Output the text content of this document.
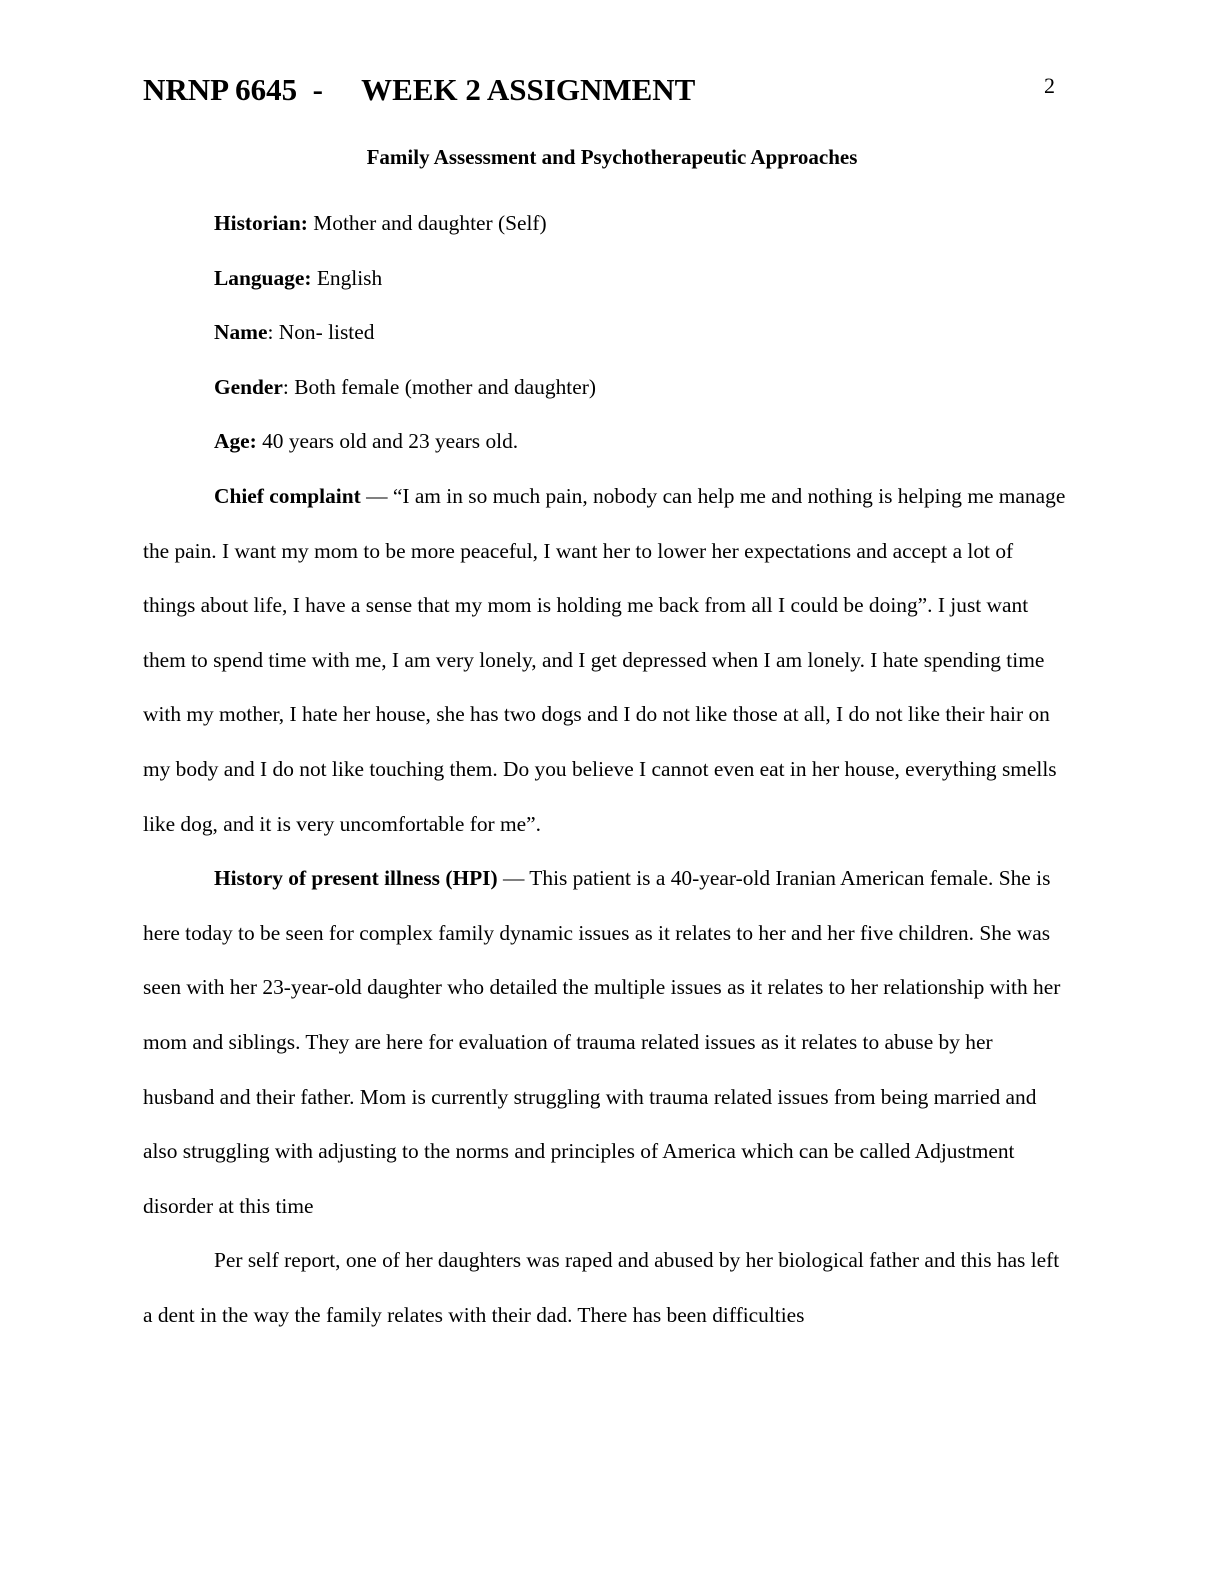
NRNP 6645  -     WEEK 2 ASSIGNMENT	2
Family Assessment and Psychotherapeutic Approaches
Historian: Mother and daughter (Self)
Language: English
Name: Non- listed
Gender: Both female (mother and daughter)
Age: 40 years old and 23 years old.

Chief complaint — “I am in so much pain, nobody can help me and nothing is helping me manage the pain. I want my mom to be more peaceful, I want her to lower her expectations and accept a lot of things about life, I have a sense that my mom is holding me back from all I could be doing”. I just want them to spend time with me, I am very lonely, and I get depressed when I am lonely. I hate spending time with my mother, I hate her house, she has two dogs and I do not like those at all, I do not like their hair on my body and I do not like touching them. Do you believe I cannot even eat in her house, everything smells like dog, and it is very uncomfortable for me”.

History of present illness (HPI) — This patient is a 40-year-old Iranian American female. She is here today to be seen for complex family dynamic issues as it relates to her and her five children. She was seen with her 23-year-old daughter who detailed the multiple issues as it relates to her relationship with her mom and siblings. They are here for evaluation of trauma related issues as it relates to abuse by her husband and their father. Mom is currently struggling with trauma related issues from being married and also struggling with adjusting to the norms and principles of America which can be called Adjustment disorder at this time

Per self report, one of her daughters was raped and abused by her biological father and this has left a dent in the way the family relates with their dad. There has been difficulties
